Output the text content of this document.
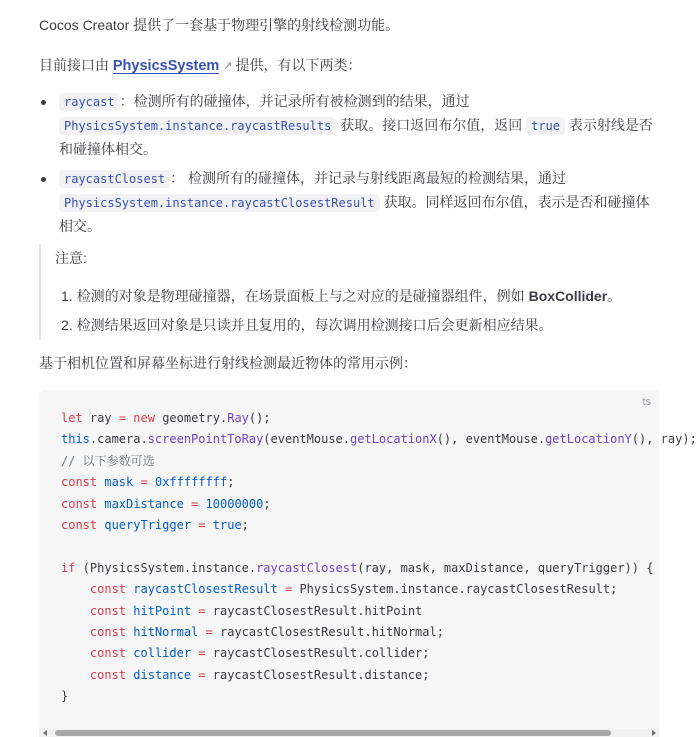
Cocos Creator 提供了一套基于物理引擎的射线检测功能。

目前接口由 PhysicsSystem ↗ 提供，有以下两类：

raycast ：检测所有的碰撞体，并记录所有被检测到的结果，通过
PhysicsSystem.instance.raycastResults 获取。接口返回布尔值，返回 true 表示射线是否和碰撞体相交。
raycastClosest ： 检测所有的碰撞体，并记录与射线距离最短的检测结果，通过
PhysicsSystem.instance.raycastClosestResult 获取。同样返回布尔值，表示是否和碰撞体相交。
注意:
1. 检测的对象是物理碰撞器，在场景面板上与之对应的是碰撞器组件，例如 BoxCollider。
2. 检测结果返回对象是只读并且复用的，每次调用检测接口后会更新相应结果。

基于相机位置和屏幕坐标进行射线检测最近物体的常用示例：

ts
let ray = new geometry.Ray();
this.camera.screenPointToRay(eventMouse.getLocationX(), eventMouse.getLocationY(), ray);
// 以下参数可选
const mask = 0xffffffff;
const maxDistance = 10000000;
const queryTrigger = true;

if (PhysicsSystem.instance.raycastClosest(ray, mask, maxDistance, queryTrigger)) {
const raycastClosestResult = PhysicsSystem.instance.raycastClosestResult;
const hitPoint = raycastClosestResult.hitPoint
const hitNormal = raycastClosestResult.hitNormal;
const collider = raycastClosestResult.collider;
const distance = raycastClosestResult.distance;
}
